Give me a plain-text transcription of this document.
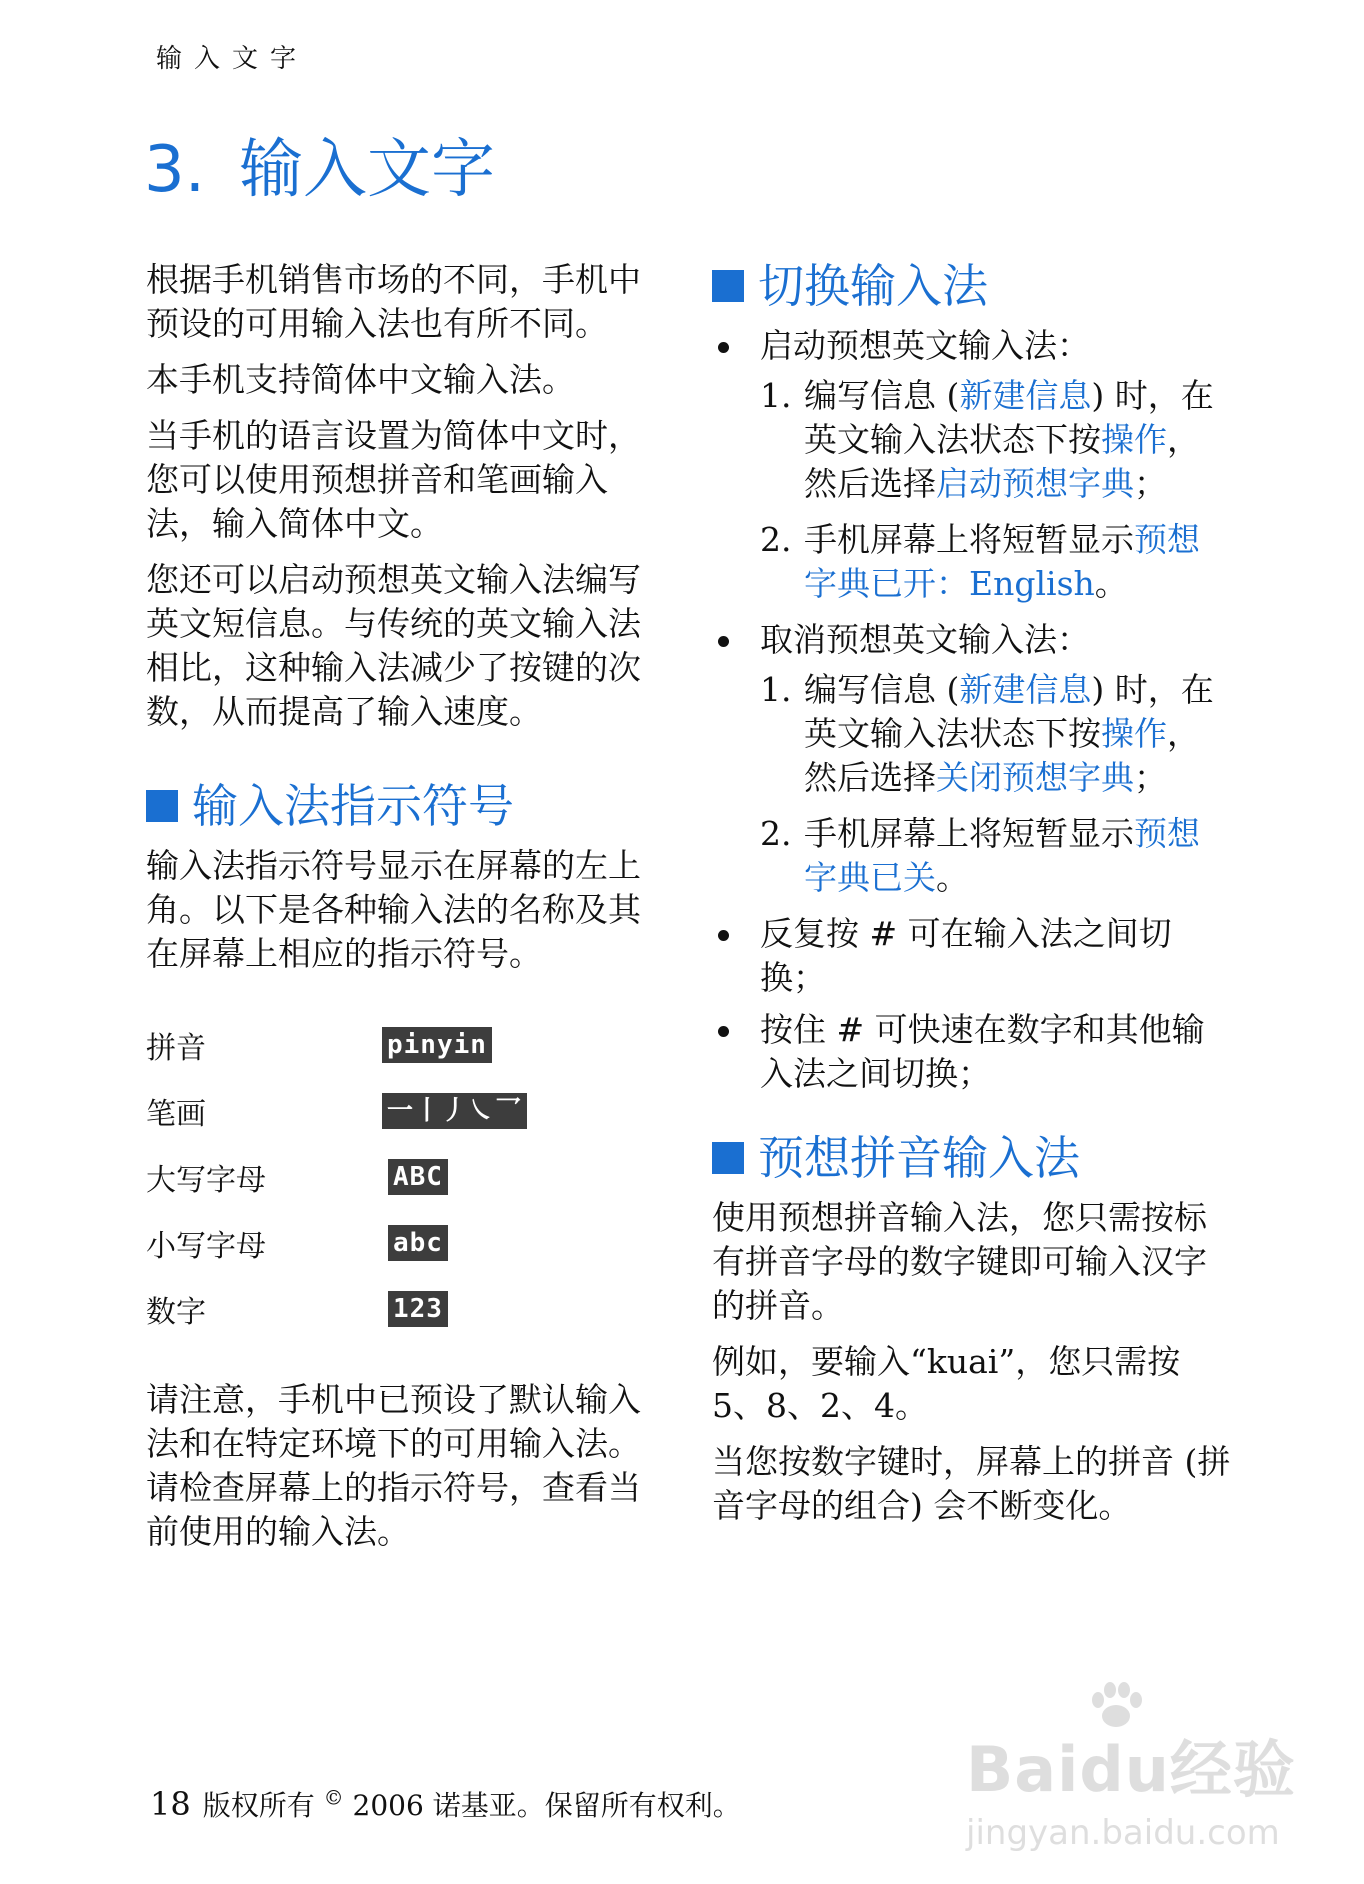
输入文字
3. 输入文字

根据手机销售市场的不同，手机中预设的可用输入法也有所不同。

本手机支持简体中文输入法。

当手机的语言设置为简体中文时，您可以使用预想拼音和笔画输入法，输入简体中文。

您还可以启动预想英文输入法编写英文短信息。与传统的英文输入法相比，这种输入法减少了按键的次数，从而提高了输入速度。

输入法指示符号

输入法指示符号显示在屏幕的左上角。以下是各种输入法的名称及其在屏幕上相应的指示符号。

拼音	pinyin
笔画	一丨丿㇏乛
大写字母	ABC
小写字母	abc
数字	123

请注意，手机中已预设了默认输入法和在特定环境下的可用输入法。请检查屏幕上的指示符号，查看当前使用的输入法。

切换输入法
启动预想英文输入法：
1. 编写信息 (新建信息) 时，在英文输入法状态下按操作，然后选择启动预想字典；
2. 手机屏幕上将短暂显示预想字典已开：English。
取消预想英文输入法：
1. 编写信息 (新建信息) 时，在英文输入法状态下按操作，然后选择关闭预想字典；
2. 手机屏幕上将短暂显示预想字典已关。
反复按 # 可在输入法之间切换；
按住 # 可快速在数字和其他输入法之间切换；
预想拼音输入法

使用预想拼音输入法，您只需按标有拼音字母的数字键即可输入汉字的拼音。

例如，要输入“kuai”，您只需按 5、8、2、4。

当您按数字键时，屏幕上的拼音 (拼音字母的组合) 会不断变化。

18 版权所有 © 2006 诺基亚。保留所有权利。	Baidu经验
jingyan.baidu.com
